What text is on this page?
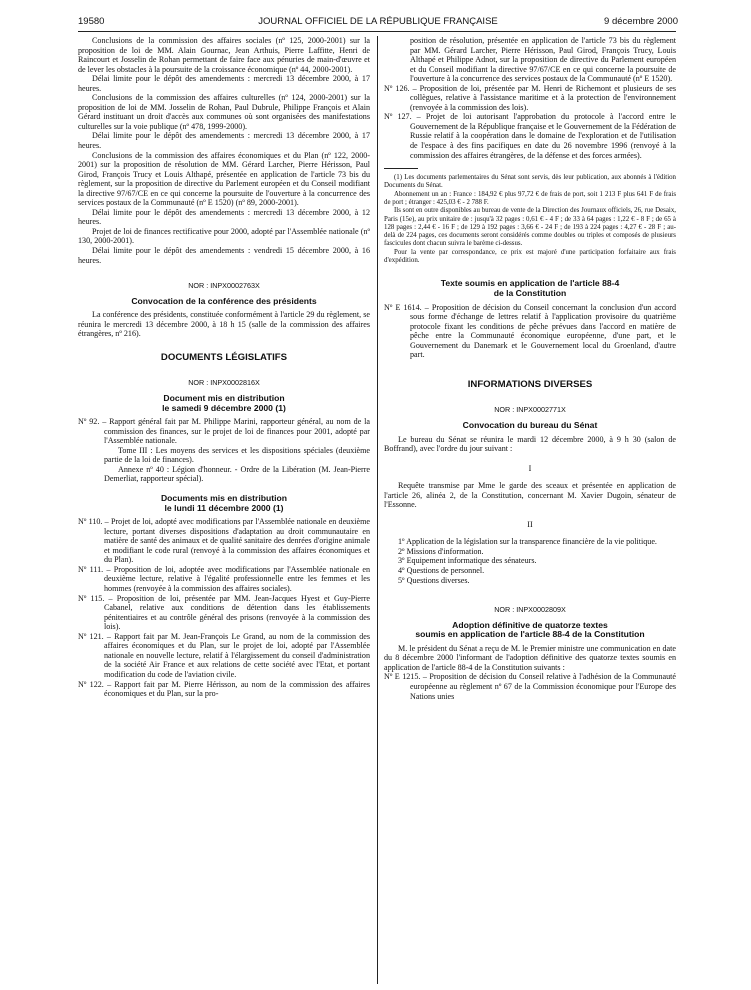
19580	JOURNAL OFFICIEL DE LA RÉPUBLIQUE FRANÇAISE	9 décembre 2000

Conclusions de la commission des affaires sociales (nº 125, 2000-2001) sur la proposition de loi de MM. Alain Gournac, Jean Arthuis, Pierre Laffitte, Henri de Raincourt et Josselin de Rohan permettant de faire face aux pénuries de main-d'œuvre et de lever les obstacles à la poursuite de la croissance économique (nº 44, 2000-2001).

Délai limite pour le dépôt des amendements : mercredi 13 décembre 2000, à 17 heures.

Conclusions de la commission des affaires culturelles (nº 124, 2000-2001) sur la proposition de loi de MM. Josselin de Rohan, Paul Dubrule, Philippe François et Alain Gérard instituant un droit d'accès aux communes où sont organisées des manifestations culturelles sur la voie publique (nº 478, 1999-2000).

Délai limite pour le dépôt des amendements : mercredi 13 décembre 2000, à 17 heures.

Conclusions de la commission des affaires économiques et du Plan (nº 122, 2000-2001) sur la proposition de résolution de MM. Gérard Larcher, Pierre Hérisson, Paul Girod, François Trucy et Louis Althapé, présentée en application de l'article 73 bis du règlement, sur la proposition de directive du Parlement européen et du Conseil modifiant la directive 97/67/CE en ce qui concerne la poursuite de l'ouverture à la concurrence des services postaux de la Communauté (nº E 1520) (nº 89, 2000-2001).

Délai limite pour le dépôt des amendements : mercredi 13 décembre 2000, à 12 heures.

Projet de loi de finances rectificative pour 2000, adopté par l'Assemblée nationale (nº 130, 2000-2001).

Délai limite pour le dépôt des amendements : vendredi 15 décembre 2000, à 16 heures.

NOR : INPX0002763X
Convocation de la conférence des présidents

La conférence des présidents, constituée conformément à l'article 29 du règlement, se réunira le mercredi 13 décembre 2000, à 18 h 15 (salle de la commission des affaires étrangères, nº 216).

DOCUMENTS LÉGISLATIFS
NOR : INPX0002816X
Document mis en distribution
le samedi 9 décembre 2000 (1)

Nº 92. – Rapport général fait par M. Philippe Marini, rapporteur général, au nom de la commission des finances, sur le projet de loi de finances pour 2001, adopté par l'Assemblée nationale.

Tome III : Les moyens des services et les dispositions spéciales (deuxième partie de la loi de finances).

Annexe nº 40 : Légion d'honneur. - Ordre de la Libération (M. Jean-Pierre Demerliat, rapporteur spécial).

Documents mis en distribution
le lundi 11 décembre 2000 (1)

Nº 110. – Projet de loi, adopté avec modifications par l'Assemblée nationale en deuxième lecture, portant diverses dispositions d'adaptation au droit communautaire en matière de santé des animaux et de qualité sanitaire des denrées d'origine animale et modifiant le code rural (renvoyé à la commission des affaires économiques et du Plan).

Nº 111. – Proposition de loi, adoptée avec modifications par l'Assemblée nationale en deuxième lecture, relative à l'égalité professionnelle entre les femmes et les hommes (renvoyée à la commission des affaires sociales).

Nº 115. – Proposition de loi, présentée par MM. Jean-Jacques Hyest et Guy-Pierre Cabanel, relative aux conditions de détention dans les établissements pénitentiaires et au contrôle général des prisons (renvoyée à la commission des lois).

Nº 121. – Rapport fait par M. Jean-François Le Grand, au nom de la commission des affaires économiques et du Plan, sur le projet de loi, adopté par l'Assemblée nationale en nouvelle lecture, relatif à l'élargissement du conseil d'administration de la société Air France et aux relations de cette société avec l'Etat, et portant modification du code de l'aviation civile.

Nº 122. – Rapport fait par M. Pierre Hérisson, au nom de la commission des affaires économiques et du Plan, sur la pro-

position de résolution, présentée en application de l'article 73 bis du règlement par MM. Gérard Larcher, Pierre Hérisson, Paul Girod, François Trucy, Louis Althapé et Philippe Adnot, sur la proposition de directive du Parlement européen et du Conseil modifiant la directive 97/67/CE en ce qui concerne la poursuite de l'ouverture à la concurrence des services postaux de la Communauté (nº E 1520).

Nº 126. – Proposition de loi, présentée par M. Henri de Richemont et plusieurs de ses collègues, relative à l'assistance maritime et à la protection de l'environnement (renvoyée à la commission des lois).

Nº 127. – Projet de loi autorisant l'approbation du protocole à l'accord entre le Gouvernement de la République française et le Gouvernement de la Fédération de Russie relatif à la coopération dans le domaine de l'exploration et de l'utilisation de l'espace à des fins pacifiques en date du 26 novembre 1996 (renvoyé à la commission des affaires étrangères, de la défense et des forces armées).

(1) Les documents parlementaires du Sénat sont servis, dès leur publication, aux abonnés à l'édition Documents du Sénat.

Abonnement un an : France : 184,92 € plus 97,72 € de frais de port, soit 1 213 F plus 641 F de frais de port ; étranger : 425,03 € - 2 788 F.

Ils sont en outre disponibles au bureau de vente de la Direction des Journaux officiels, 26, rue Desaix, Paris (15e), au prix unitaire de : jusqu'à 32 pages : 0,61 € - 4 F ; de 33 à 64 pages : 1,22 € - 8 F ; de 65 à 128 pages : 2,44 € - 16 F ; de 129 à 192 pages : 3,66 € - 24 F ; de 193 à 224 pages : 4,27 € - 28 F ; au-delà de 224 pages, ces documents seront considérés comme doubles ou triples et composés de plusieurs fascicules dont chacun suivra le barème ci-dessus.

Pour la vente par correspondance, ce prix est majoré d'une participation forfaitaire aux frais d'expédition.

Texte soumis en application de l'article 88-4
de la Constitution

Nº E 1614. – Proposition de décision du Conseil concernant la conclusion d'un accord sous forme d'échange de lettres relatif à l'application provisoire du quatrième protocole fixant les conditions de pêche prévues dans l'accord en matière de pêche entre la Communauté économique européenne, d'une part, et le Gouvernement du Danemark et le Gouvernement local du Groenland, d'autre part.

INFORMATIONS DIVERSES
NOR : INPX0002771X
Convocation du bureau du Sénat

Le bureau du Sénat se réunira le mardi 12 décembre 2000, à 9 h 30 (salon de Boffrand), avec l'ordre du jour suivant :

I

Requête transmise par Mme le garde des sceaux et présentée en application de l'article 26, alinéa 2, de la Constitution, concernant M. Xavier Dugoin, sénateur de l'Essonne.

II

1º Application de la législation sur la transparence financière de la vie politique.

2º Missions d'information.

3º Equipement informatique des sénateurs.

4º Questions de personnel.

5º Questions diverses.

NOR : INPX0002809X
Adoption définitive de quatorze textes
soumis en application de l'article 88-4 de la Constitution

M. le président du Sénat a reçu de M. le Premier ministre une communication en date du 8 décembre 2000 l'informant de l'adoption définitive des quatorze textes soumis en application de l'article 88-4 de la Constitution suivants :

Nº E 1215. – Proposition de décision du Conseil relative à l'adhésion de la Communauté européenne au règlement nº 67 de la Commission économique pour l'Europe des Nations unies
